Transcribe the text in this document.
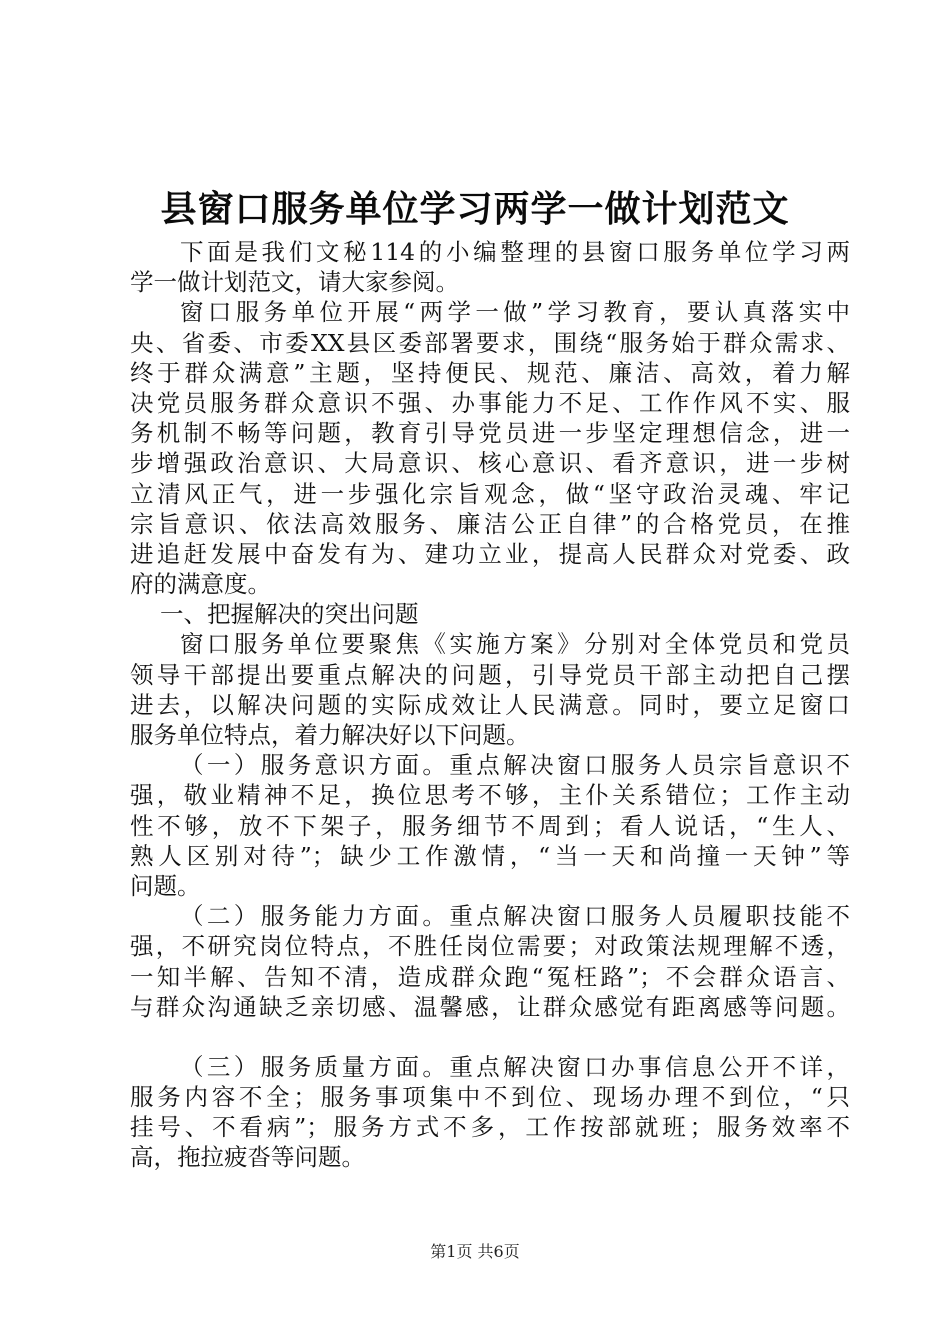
县窗口服务单位学习两学一做计划范文
下面是我们文秘114的小编整理的县窗口服务单位学习两
学一做计划范文，请大家参阅。
窗口服务单位开展“两学一做”学习教育，要认真落实中
央、省委、市委XX县区委部署要求，围绕“服务始于群众需求、
终于群众满意”主题，坚持便民、规范、廉洁、高效，着力解
决党员服务群众意识不强、办事能力不足、工作作风不实、服
务机制不畅等问题，教育引导党员进一步坚定理想信念，进一
步增强政治意识、大局意识、核心意识、看齐意识，进一步树
立清风正气，进一步强化宗旨观念，做“坚守政治灵魂、牢记
宗旨意识、依法高效服务、廉洁公正自律”的合格党员，在推
进追赶发展中奋发有为、建功立业，提高人民群众对党委、政
府的满意度。
一、把握解决的突出问题
窗口服务单位要聚焦《实施方案》分别对全体党员和党员
领导干部提出要重点解决的问题，引导党员干部主动把自己摆
进去，以解决问题的实际成效让人民满意。同时，要立足窗口
服务单位特点，着力解决好以下问题。
（一）服务意识方面。重点解决窗口服务人员宗旨意识不
强，敬业精神不足，换位思考不够，主仆关系错位；工作主动
性不够，放不下架子，服务细节不周到；看人说话，“生人、
熟人区别对待”；缺少工作激情，“当一天和尚撞一天钟”等
问题。
（二）服务能力方面。重点解决窗口服务人员履职技能不
强，不研究岗位特点，不胜任岗位需要；对政策法规理解不透，
一知半解、告知不清，造成群众跑“冤枉路”；不会群众语言、
与群众沟通缺乏亲切感、温馨感，让群众感觉有距离感等问题。
（三）服务质量方面。重点解决窗口办事信息公开不详，
服务内容不全；服务事项集中不到位、现场办理不到位，“只
挂号、不看病”；服务方式不多，工作按部就班；服务效率不
高，拖拉疲沓等问题。
第1页 共6页
